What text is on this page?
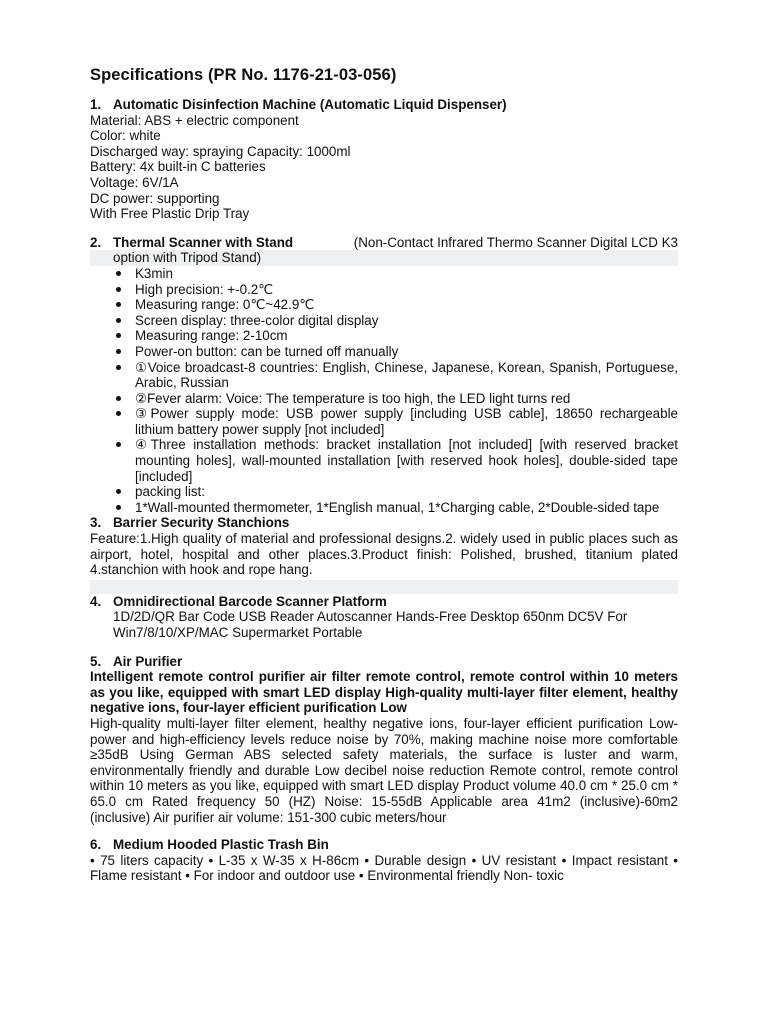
Specifications (PR No. 1176-21-03-056)
1. Automatic Disinfection Machine (Automatic Liquid Dispenser)

Material: ABS + electric component

Color: white

Discharged way: spraying Capacity: 1000ml

Battery: 4x built-in C batteries

Voltage: 6V/1A

DC power: supporting

With Free Plastic Drip Tray

2. Thermal Scanner with Stand	(Non-Contact Infrared Thermo Scanner Digital LCD K3
option with Tripod Stand)
K3min
High precision: +-0.2℃
Measuring range: 0℃~42.9℃
Screen display: three-color digital display
Measuring range: 2-10cm
Power-on button: can be turned off manually
①Voice broadcast-8 countries: English, Chinese, Japanese, Korean, Spanish, Portuguese, Arabic, Russian
②Fever alarm: Voice: The temperature is too high, the LED light turns red
③Power supply mode: USB power supply [including USB cable], 18650 rechargeable lithium battery power supply [not included]
④Three installation methods: bracket installation [not included] [with reserved bracket mounting holes], wall-mounted installation [with reserved hook holes], double-sided tape [included]
packing list:
1*Wall-mounted thermometer, 1*English manual, 1*Charging cable, 2*Double-sided tape
3. Barrier Security Stanchions

Feature:1.High quality of material and professional designs.2. widely used in public places such as airport, hotel, hospital and other places.3.Product finish: Polished, brushed, titanium plated 4.stanchion with hook and rope hang.

4. Omnidirectional Barcode Scanner Platform

1D/2D/QR Bar Code USB Reader Autoscanner Hands-Free Desktop 650nm DC5V For Win7/8/10/XP/MAC Supermarket Portable

5. Air Purifier

Intelligent remote control purifier air filter remote control, remote control within 10 meters as you like, equipped with smart LED display High-quality multi-layer filter element, healthy negative ions, four-layer efficient purification Low

High-quality multi-layer filter element, healthy negative ions, four-layer efficient purification Low-power and high-efficiency levels reduce noise by 70%, making machine noise more comfortable ≥35dB Using German ABS selected safety materials, the surface is luster and warm, environmentally friendly and durable Low decibel noise reduction Remote control, remote control within 10 meters as you like, equipped with smart LED display Product volume 40.0 cm * 25.0 cm * 65.0 cm Rated frequency 50 (HZ) Noise: 15-55dB Applicable area 41m2 (inclusive)-60m2 (inclusive) Air purifier air volume: 151-300 cubic meters/hour

6. Medium Hooded Plastic Trash Bin

• 75 liters capacity • L-35 x W-35 x H-86cm • Durable design • UV resistant • Impact resistant • Flame resistant • For indoor and outdoor use • Environmental friendly Non- toxic
